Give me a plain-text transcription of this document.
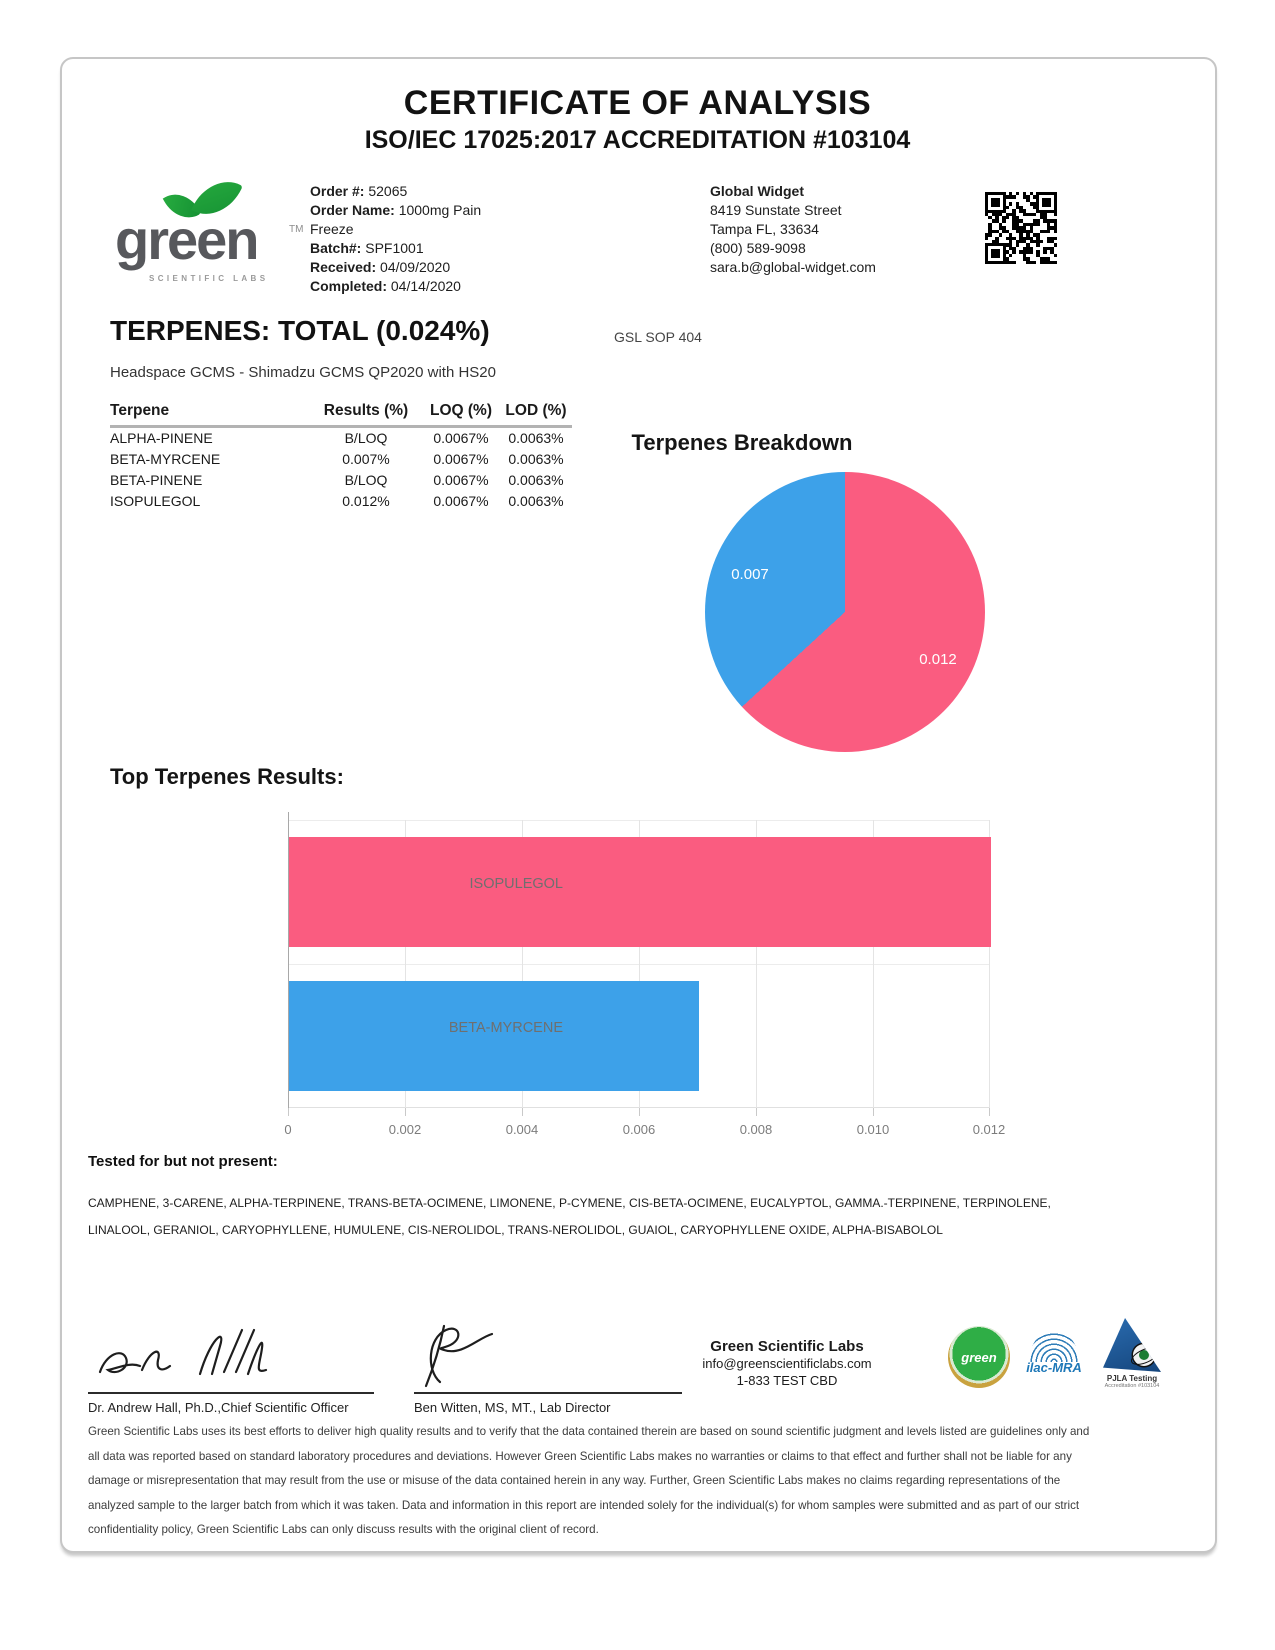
CERTIFICATE OF ANALYSIS
ISO/IEC 17025:2017 ACCREDITATION #103104
green	TM
SCIENTIFIC LABS
Order #: 52065
Order Name: 1000mg Pain Freeze
Batch#: SPF1001
Received: 04/09/2020
Completed: 04/14/2020
Global Widget
8419 Sunstate Street
Tampa FL, 33634
(800) 589-9098
sara.b@global-widget.com
TERPENES: TOTAL (0.024%)	GSL SOP 404
Headspace GCMS - Shimadzu GCMS QP2020 with HS20
Terpene	Results (%)	LOQ (%)	LOD (%)
ALPHA-PINENE	B/LOQ	0.0067%	0.0063%
BETA-MYRCENE	0.007%	0.0067%	0.0063%
BETA-PINENE	B/LOQ	0.0067%	0.0063%
ISOPULEGOL	0.012%	0.0067%	0.0063%
Terpenes Breakdown
0.007
0.012
Top Terpenes Results:
ISOPULEGOL
BETA-MYRCENE
0	0.002	0.004	0.006	0.008	0.010	0.012
Tested for but not present:
CAMPHENE, 3-CARENE, ALPHA-TERPINENE, TRANS-BETA-OCIMENE, LIMONENE, P-CYMENE, CIS-BETA-OCIMENE, EUCALYPTOL, GAMMA.-TERPINENE, TERPINOLENE, LINALOOL, GERANIOL, CARYOPHYLLENE, HUMULENE, CIS-NEROLIDOL, TRANS-NEROLIDOL, GUAIOL, CARYOPHYLLENE OXIDE, ALPHA-BISABOLOL
Dr. Andrew Hall, Ph.D.,Chief Scientific Officer	Ben Witten, MS, MT., Lab Director
Green Scientific Labs
info@greenscientificlabs.com
1-833 TEST CBD
green
ilac-MRA
PJLA Testing
Accreditation #103104
Green Scientific Labs uses its best efforts to deliver high quality results and to verify that the data contained therein are based on sound scientific judgment and levels listed are guidelines only and all data was reported based on standard laboratory procedures and deviations. However Green Scientific Labs makes no warranties or claims to that effect and further shall not be liable for any damage or misrepresentation that may result from the use or misuse of the data contained herein in any way. Further, Green Scientific Labs makes no claims regarding representations of the analyzed sample to the larger batch from which it was taken. Data and information in this report are intended solely for the individual(s) for whom samples were submitted and as part of our strict confidentiality policy, Green Scientific Labs can only discuss results with the original client of record.
